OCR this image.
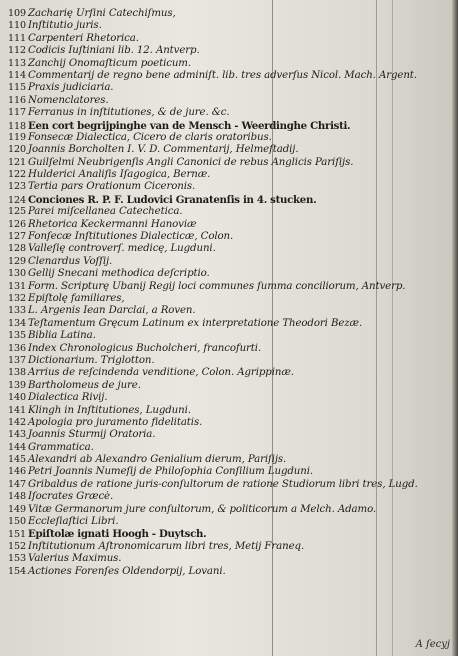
109 Zacharię Urſini Catechiſmus,
110 Inſtitutio juris.
111 Carpenteri Rhetorica.
112 Codicis Iuſtiniani lib. 12. Antverp.
113 Zanchij Onomaſticum poeticum.
114 Commentarij de regno bene adminiſt. lib. tres adverſus Nicol. Mach. Argent.
115 Praxis judiciaria.
116 Nomenclatores.
117 Ferranus in inſtitutiones, & de jure. &c.
118 Een cort begrijpinghe van de Mensch - Weerdinghe Christi.
119 Fonsecæ Dialectica, Cicero de claris oratoribus.
120 Joannis Borcholten I. V. D. Commentarij, Helmeſtadij.
121 Guilſelmi Neubrigenſis Angli Canonici de rebus Anglicis Pariſijs.
122 Hulderici Analiſis Iſagogica, Bernæ.
123 Tertia pars Orationum Ciceronis.
124 Conciones R. P. F. Ludovici Granatenſis in 4. stucken.
125 Parei miſcellanea Catechetica.
126 Rhetorica Keckermanni Hanoviæ
127 Fonſecæ Inſtitutiones Dialecticæ, Colon.
128 Valleſię controverſ. medicę, Lugduni.
129 Clenardus Voſſij.
130 Gellij Snecani methodica deſcriptio.
131 Form. Scripturę Ubanij Regij loci communes ſumma conciliorum, Antverp.
132 Epiſtolę familiares,
133 L. Argenis Iean Darclai, a Roven.
134 Teſtamentum Gręcum Latinum ex interpretatione Theodori Bezæ.
135 Biblia Latina.
136 Index Chronologicus Bucholcheri, francofurti.
137 Dictionarium. Triglotton.
138 Arrius de reſcindenda venditione, Colon. Agrippinæ.
139 Bartholomeus de jure.
140 Dialectica Rivij.
141 Klingh in Inſtitutiones, Lugduni.
142 Apologia pro juramento fidelitatis.
143 Joannis Sturmij Oratoria.
144 Grammatica.
145 Alexandri ab Alexandro Genialium dierum, Pariſijs.
146 Petri Joannis Numeſij de Philoſophia Conſilium Lugduni.
147 Gribaldus de ratione juris-conſultorum de ratione Studiorum libri tres, Lugd.
148 Iſocrates Græcè.
149 Vitæ Germanorum jure conſultorum, & politicorum a Melch. Adamo.
150 Eccleſiaſtici Libri.
151 Epiſtolæ ignati Hoogh - Duytsch.
152 Inſtitutionum Aſtronomicarum libri tres, Metij Franeq.
153 Valerius Maximus.
154 Actiones Forenſes Oldendorpij, Lovani.
A ſecyj
